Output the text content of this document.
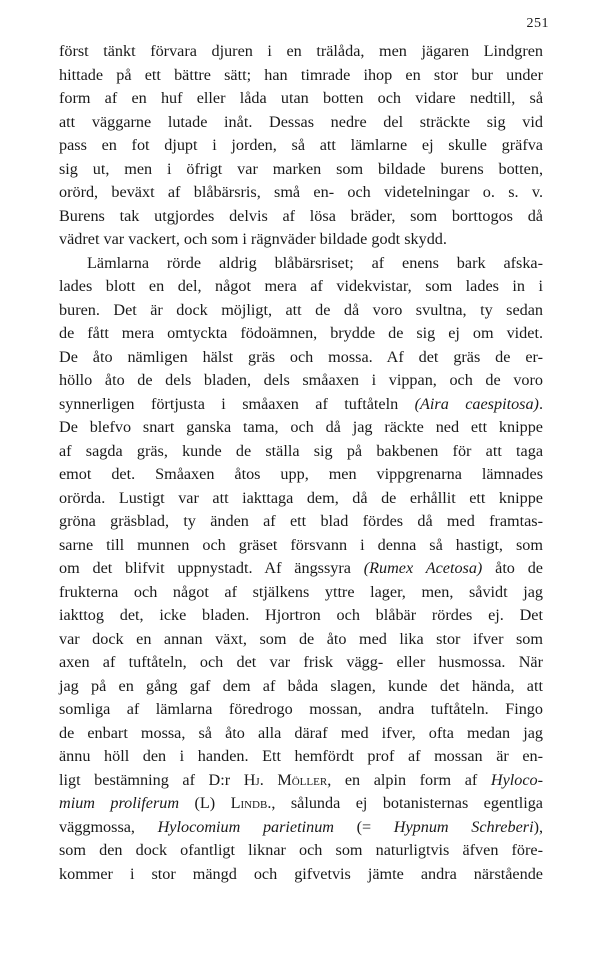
251
först tänkt förvara djuren i en trälåda, men jägaren Lindgren
hittade på ett bättre sätt; han timrade ihop en stor bur under
form af en huf eller låda utan botten och vidare nedtill, så
att väggarne lutade inåt. Dessas nedre del sträckte sig vid
pass en fot djupt i jorden, så att lämlarne ej skulle gräfva
sig ut, men i öfrigt var marken som bildade burens botten,
orörd, beväxt af blåbärsris, små en- och videtelningar o. s. v.
Burens tak utgjordes delvis af lösa bräder, som borttogos då
vädret var vackert, och som i rägnväder bildade godt skydd.
Lämlarna rörde aldrig blåbärsriset; af enens bark afska-
lades blott en del, något mera af videkvistar, som lades in i
buren. Det är dock möjligt, att de då voro svultna, ty sedan
de fått mera omtyckta födoämnen, brydde de sig ej om videt.
De åto nämligen hälst gräs och mossa. Af det gräs de er-
höllo åto de dels bladen, dels småaxen i vippan, och de voro
synnerligen förtjusta i småaxen af tuftåteln (Aira caespitosa).
De blefvo snart ganska tama, och då jag räckte ned ett knippe
af sagda gräs, kunde de ställa sig på bakbenen för att taga
emot det. Småaxen åtos upp, men vippgrenarna lämnades
orörda. Lustigt var att iakttaga dem, då de erhållit ett knippe
gröna gräsblad, ty änden af ett blad fördes då med framtas-
sarne till munnen och gräset försvann i denna så hastigt, som
om det blifvit uppnystadt. Af ängssyra (Rumex Acetosa) åto de
frukterna och något af stjälkens yttre lager, men, såvidt jag
iakttog det, icke bladen. Hjortron och blåbär rördes ej. Det
var dock en annan växt, som de åto med lika stor ifver som
axen af tuftåteln, och det var frisk vägg- eller husmossa. När
jag på en gång gaf dem af båda slagen, kunde det hända, att
somliga af lämlarna föredrogo mossan, andra tuftåteln. Fingo
de enbart mossa, så åto alla däraf med ifver, ofta medan jag
ännu höll den i handen. Ett hemfördt prof af mossan är en-
ligt bestämning af D:r Hj. Möller, en alpin form af Hyloco-
mium proliferum (L) Lindb., sålunda ej botanisternas egentliga
väggmossa, Hylocomium parietinum (= Hypnum Schreberi),
som den dock ofantligt liknar och som naturligtvis äfven före-
kommer i stor mängd och gifvetvis jämte andra närstående
